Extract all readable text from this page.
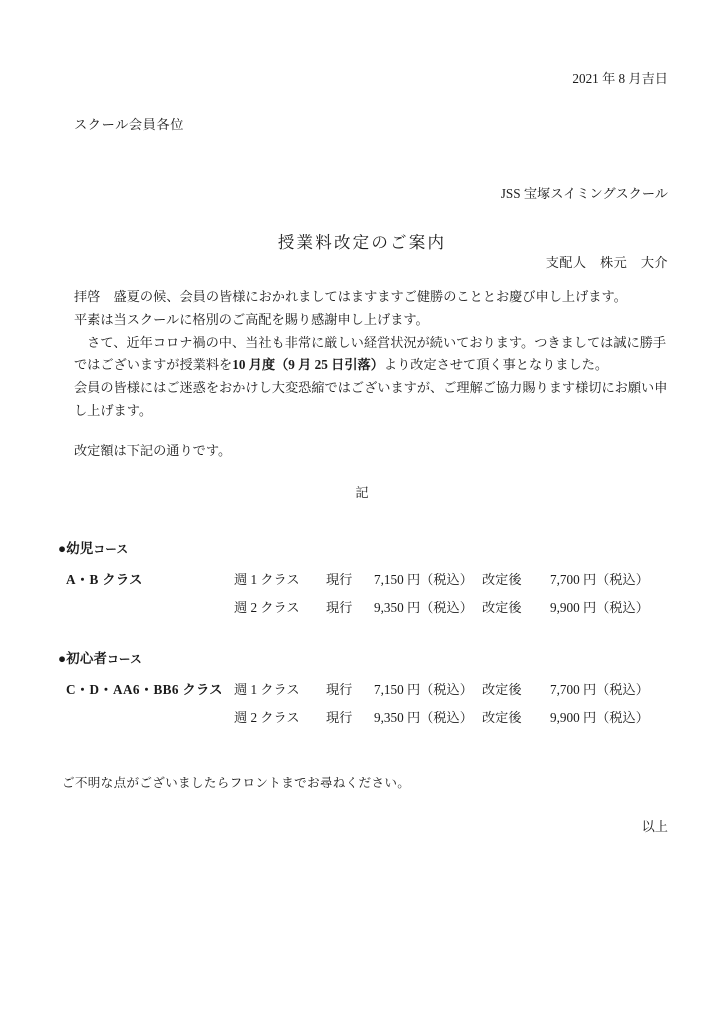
2021 年 8 月吉日
スクール会員各位

JSS 宝塚スイミングスクール

支配人　株元　大介

授業料改定のご案内

拝啓　盛夏の候、会員の皆様におかれましてはますますご健勝のこととお慶び申し上げます。

平素は当スクールに格別のご高配を賜り感謝申し上げます。

　さて、近年コロナ禍の中、当社も非常に厳しい経営状況が続いております。つきましては誠に勝手ではございますが授業料を10 月度（9 月 25 日引落）より改定させて頂く事となりました。

会員の皆様にはご迷惑をおかけし大変恐縮ではございますが、ご理解ご協力賜ります様切にお願い申し上げます。

改定額は下記の通りです。
記
●幼児コース

A・B クラス

	週 1 クラス

現行

7,150 円（税込）

改定後

7,700 円（税込）

週 2 クラス

現行

9,350 円（税込）

改定後

9,900 円（税込）

●初心者コース

C・D・AA6・BB6 クラス

週 1 クラス

現行

7,150 円（税込）

改定後

7,700 円（税込）

週 2 クラス

現行

9,350 円（税込）

改定後

9,900 円（税込）

ご不明な点がございましたらフロントまでお尋ねください。
以上
